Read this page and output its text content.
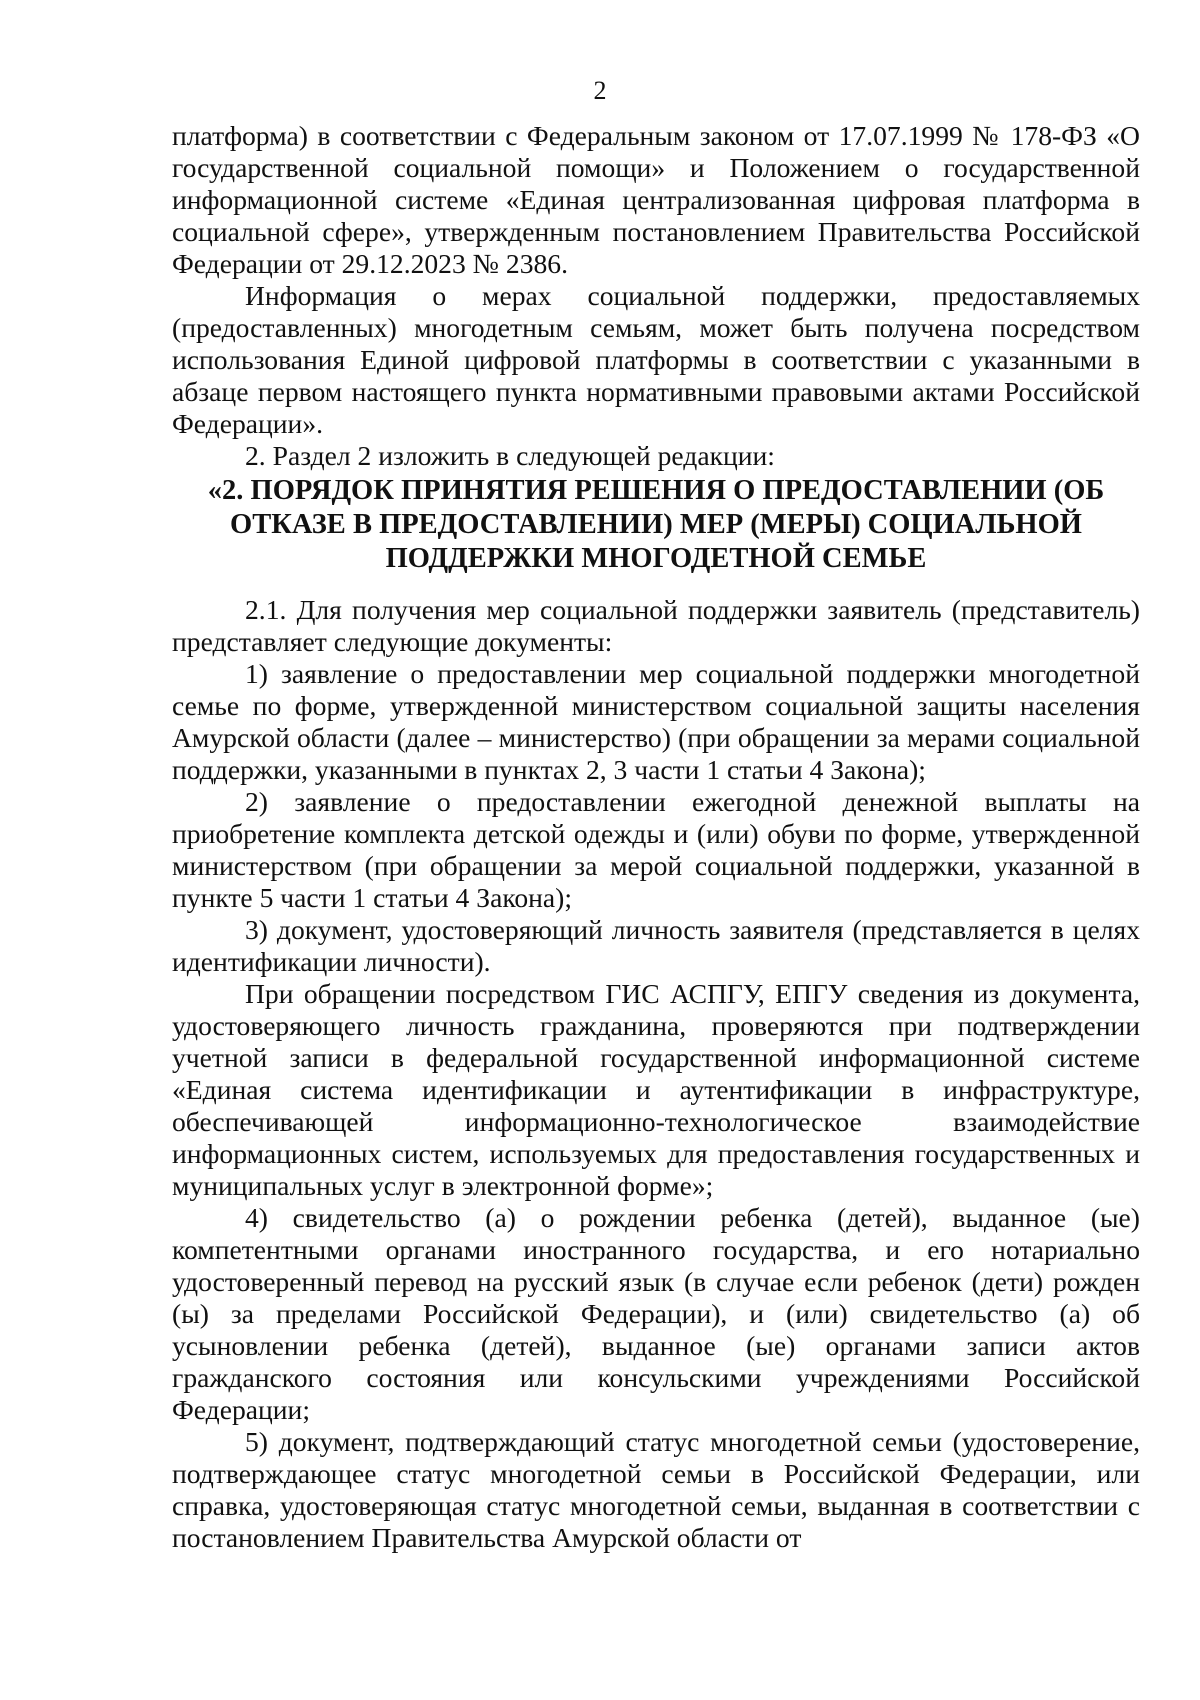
2

платформа) в соответствии с Федеральным законом от 17.07.1999 № 178-ФЗ «О государственной социальной помощи» и Положением о государственной информационной системе «Единая централизованная цифровая платформа в социальной сфере», утвержденным постановлением Правительства Российской Федерации от 29.12.2023 № 2386.

Информация о мерах социальной поддержки, предоставляемых (предоставленных) многодетным семьям, может быть получена посредством использования Единой цифровой платформы в соответствии с указанными в абзаце первом настоящего пункта нормативными правовыми актами Российской Федерации».

2. Раздел 2 изложить в следующей редакции:

«2. ПОРЯДОК ПРИНЯТИЯ РЕШЕНИЯ О ПРЕДОСТАВЛЕНИИ (ОБ ОТКАЗЕ В ПРЕДОСТАВЛЕНИИ) МЕР (МЕРЫ) СОЦИАЛЬНОЙ ПОДДЕРЖКИ МНОГОДЕТНОЙ СЕМЬЕ

2.1. Для получения мер социальной поддержки заявитель (представитель) представляет следующие документы:

1) заявление о предоставлении мер социальной поддержки многодетной семье по форме, утвержденной министерством социальной защиты населения Амурской области (далее – министерство) (при обращении за мерами социальной поддержки, указанными в пунктах 2, 3 части 1 статьи 4 Закона);

2) заявление о предоставлении ежегодной денежной выплаты на приобретение комплекта детской одежды и (или) обуви по форме, утвержденной министерством (при обращении за мерой социальной поддержки, указанной в пункте 5 части 1 статьи 4 Закона);

3) документ, удостоверяющий личность заявителя (представляется в целях идентификации личности).

При обращении посредством ГИС АСПГУ, ЕПГУ сведения из документа, удостоверяющего личность гражданина, проверяются при подтверждении учетной записи в федеральной государственной информационной системе «Единая система идентификации и аутентификации в инфраструктуре, обеспечивающей информационно-технологическое взаимодействие информационных систем, используемых для предоставления государственных и муниципальных услуг в электронной форме»;

4) свидетельство (а) о рождении ребенка (детей), выданное (ые) компетентными органами иностранного государства, и его нотариально удостоверенный перевод на русский язык (в случае если ребенок (дети) рожден (ы) за пределами Российской Федерации), и (или) свидетельство (а) об усыновлении ребенка (детей), выданное (ые) органами записи актов гражданского состояния или консульскими учреждениями Российской Федерации;

5) документ, подтверждающий статус многодетной семьи (удостоверение, подтверждающее статус многодетной семьи в Российской Федерации, или справка, удостоверяющая статус многодетной семьи, выданная в соответствии с постановлением Правительства Амурской области от
